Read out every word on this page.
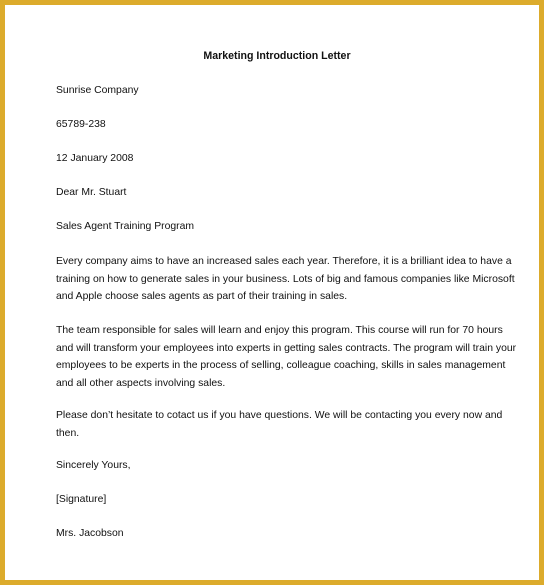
Marketing Introduction Letter

Sunrise Company

65789-238

12 January 2008

Dear Mr. Stuart

Sales Agent Training Program

Every company aims to have an increased sales each year. Therefore, it is a brilliant idea to have a
training on how to generate sales in your business. Lots of big and famous companies like Microsoft
and Apple choose sales agents as part of their training in sales.
The team responsible for sales will learn and enjoy this program. This course will run for 70 hours
and will transform your employees into experts in getting sales contracts. The program will train your
employees to be experts in the process of selling, colleague coaching, skills in sales management
and all other aspects involving sales.
Please don’t hesitate to cotact us if you have questions. We will be contacting you every now and
then.

Sincerely Yours,

[Signature]

Mrs. Jacobson
